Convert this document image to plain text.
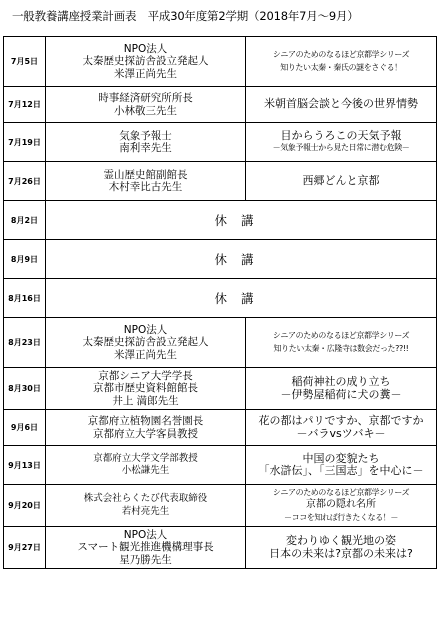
一般教養講座授業計画表　平成30年度第2学期（2018年7月～9月）
7月5日	NPO法人
太秦歴史探訪舎設立発起人
米澤正尚先生	シニアのためのなるほど京都学シリーズ
知りたい太秦・秦氏の謎をさぐる！

7月12日	時事経済研究所所長
小林敬三先生	米朝首脳会談と今後の世界情勢

7月19日	気象予報士
南利幸先生	目からうろこの天気予報
－気象予報士から見た日常に潜む危険－

7月26日	霊山歴史館副館長
木村幸比古先生	西郷どんと京都

8月2日	休講	
8月9日	休講	
8月16日	休講	
8月23日	NPO法人
太秦歴史探訪舎設立発起人
米澤正尚先生	シニアのためのなるほど京都学シリーズ
知りたい太秦・広隆寺は数会だった??!!

8月30日	京都シニア大学学長
京都市歴史資料館館長
井上 満郎先生	稲荷神社の成り立ち
－伊勢屋稲荷に犬の糞－

9月6日	京都府立植物園名誉園長
京都府立大学客員教授	花の都はパリですか、京都ですか
－バラvsツバキ－

9月13日	京都府立大学文学部教授
小松謙先生	中国の変貌たち
「水滸伝」、「三国志」を中心に－

9月20日	株式会社らくたび代表取締役
若村亮先生	シニアのためのなるほど京都学シリーズ
京都の隠れ名所
－ココを知れば行きたくなる！－

9月27日	NPO法人
スマート観光推進機構理事長
星乃勝先生	変わりゆく観光地の姿
日本の未来は?京都の未来は?
